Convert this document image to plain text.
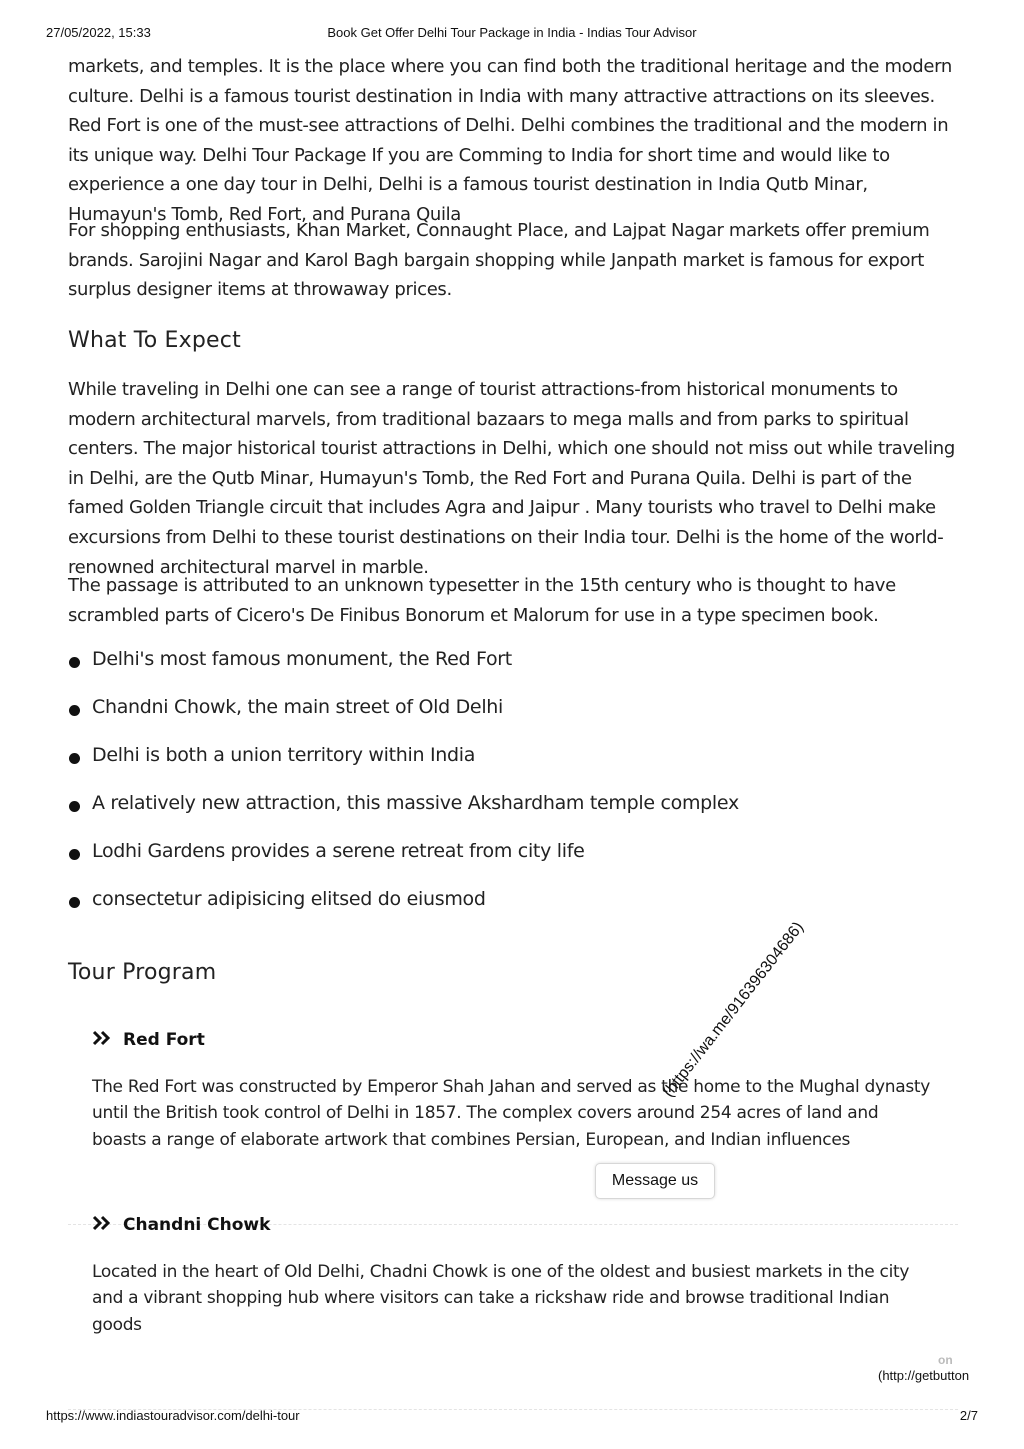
27/05/2022, 15:33	Book Get Offer Delhi Tour Package in India - Indias Tour Advisor

markets, and temples. It is the place where you can find both the traditional heritage and the modern culture. Delhi is a famous tourist destination in India with many attractive attractions on its sleeves. Red Fort is one of the must-see attractions of Delhi. Delhi combines the traditional and the modern in its unique way. Delhi Tour Package If you are Comming to India for short time and would like to experience a one day tour in Delhi, Delhi is a famous tourist destination in India Qutb Minar, Humayun's Tomb, Red Fort, and Purana Quila

For shopping enthusiasts, Khan Market, Connaught Place, and Lajpat Nagar markets offer premium brands. Sarojini Nagar and Karol Bagh bargain shopping while Janpath market is famous for export surplus designer items at throwaway prices.

What To Expect

While traveling in Delhi one can see a range of tourist attractions-from historical monuments to modern architectural marvels, from traditional bazaars to mega malls and from parks to spiritual centers. The major historical tourist attractions in Delhi, which one should not miss out while traveling in Delhi, are the Qutb Minar, Humayun's Tomb, the Red Fort and Purana Quila. Delhi is part of the famed Golden Triangle circuit that includes Agra and Jaipur . Many tourists who travel to Delhi make excursions from Delhi to these tourist destinations on their India tour. Delhi is the home of the world-renowned architectural marvel in marble.

The passage is attributed to an unknown typesetter in the 15th century who is thought to have scrambled parts of Cicero's De Finibus Bonorum et Malorum for use in a type specimen book.

Delhi's most famous monument, the Red Fort
Chandni Chowk, the main street of Old Delhi
Delhi is both a union territory within India
A relatively new attraction, this massive Akshardham temple complex
Lodhi Gardens provides a serene retreat from city life
consectetur adipisicing elitsed do eiusmod
Tour Program
Red Fort

The Red Fort was constructed by Emperor Shah Jahan and served as the home to the Mughal dynasty until the British took control of Delhi in 1857. The complex covers around 254 acres of land and boasts a range of elaborate artwork that combines Persian, European, and Indian influences

Chandni Chowk

Located in the heart of Old Delhi, Chadni Chowk is one of the oldest and busiest markets in the city and a vibrant shopping hub where visitors can take a rickshaw ride and browse traditional Indian goods

Message us
(https://wa.me/916396304686)
on
(http://getbutton
https://www.indiastouradvisor.com/delhi-tour	2/7
